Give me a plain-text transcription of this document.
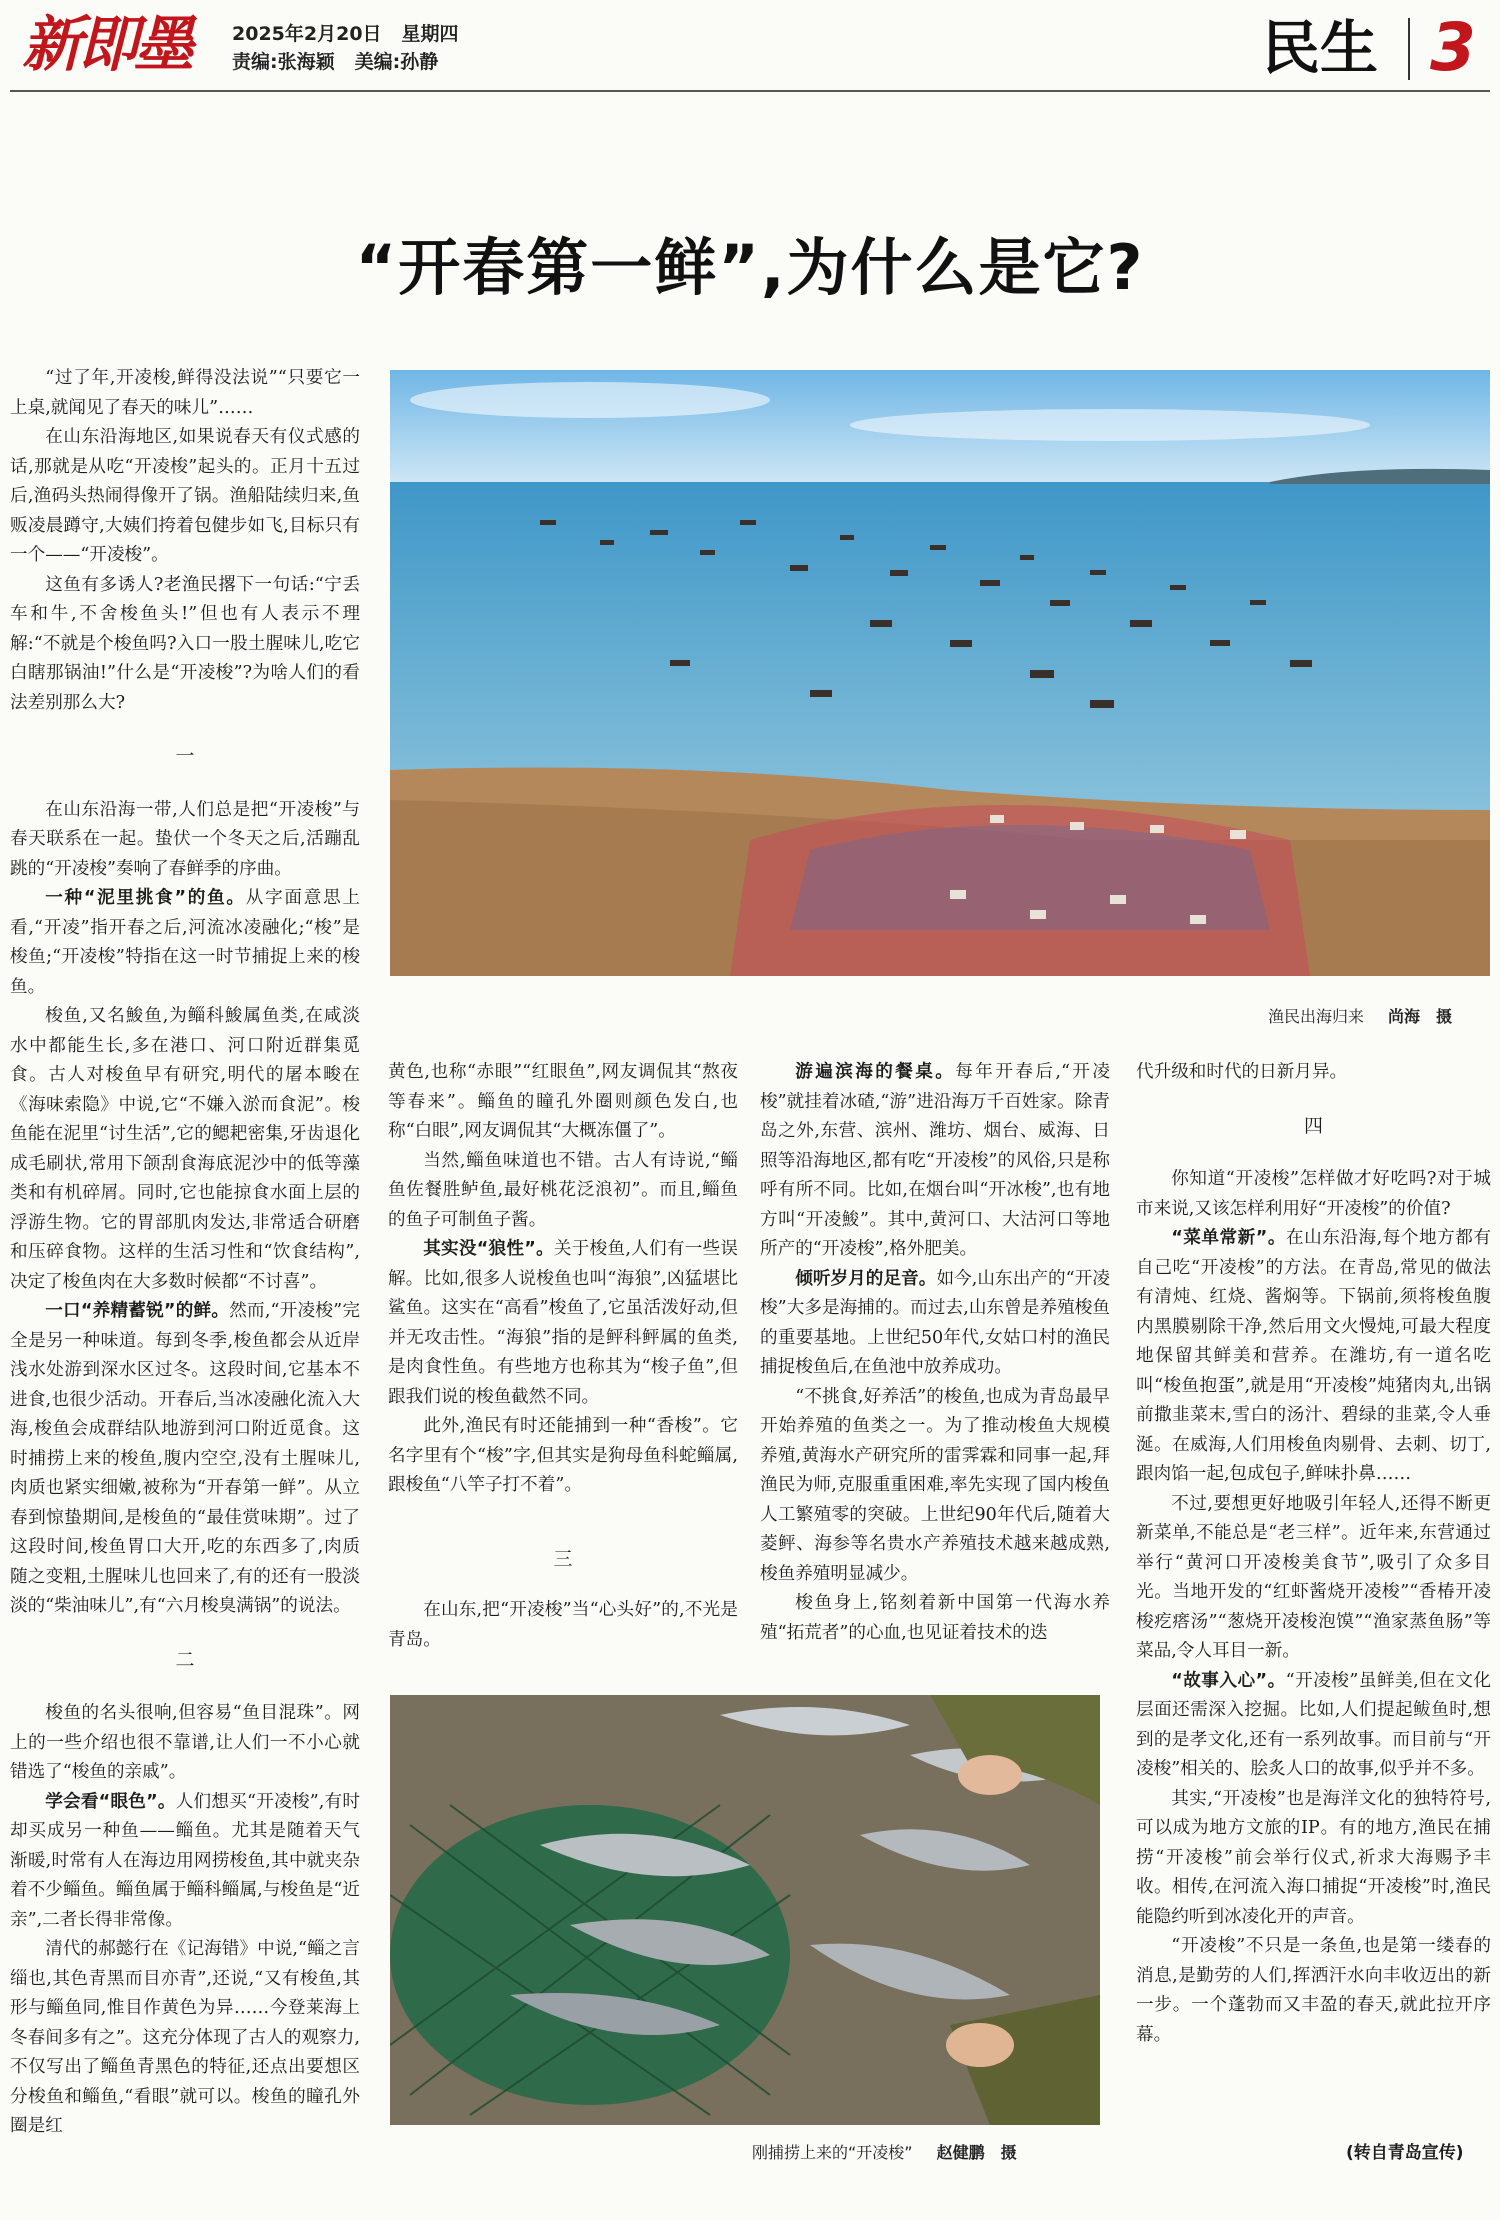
新即墨 2025年2月20日 星期四
责编:张海颖 美编:孙静	民生 3
“开春第一鲜”,为什么是它?

“过了年,开凌梭,鲜得没法说”“只要它一上桌,就闻见了春天的味儿”……

在山东沿海地区,如果说春天有仪式感的话,那就是从吃“开凌梭”起头的。正月十五过后,渔码头热闹得像开了锅。渔船陆续归来,鱼贩凌晨蹲守,大姨们挎着包健步如飞,目标只有一个——“开凌梭”。

这鱼有多诱人?老渔民撂下一句话:“宁丢车和牛,不舍梭鱼头!”但也有人表示不理解:“不就是个梭鱼吗?入口一股土腥味儿,吃它白瞎那锅油!”什么是“开凌梭”?为啥人们的看法差别那么大?

一

在山东沿海一带,人们总是把“开凌梭”与春天联系在一起。蛰伏一个冬天之后,活蹦乱跳的“开凌梭”奏响了春鲜季的序曲。

一种“泥里挑食”的鱼。从字面意思上看,“开凌”指开春之后,河流冰凌融化;“梭”是梭鱼;“开凌梭”特指在这一时节捕捉上来的梭鱼。

梭鱼,又名鮻鱼,为鲻科鮻属鱼类,在咸淡水中都能生长,多在港口、河口附近群集觅食。古人对梭鱼早有研究,明代的屠本畯在《海味索隐》中说,它“不嫌入淤而食泥”。梭鱼能在泥里“讨生活”,它的鳃耙密集,牙齿退化成毛刷状,常用下颌刮食海底泥沙中的低等藻类和有机碎屑。同时,它也能掠食水面上层的浮游生物。它的胃部肌肉发达,非常适合研磨和压碎食物。这样的生活习性和“饮食结构”,决定了梭鱼肉在大多数时候都“不讨喜”。

一口“养精蓄锐”的鲜。然而,“开凌梭”完全是另一种味道。每到冬季,梭鱼都会从近岸浅水处游到深水区过冬。这段时间,它基本不进食,也很少活动。开春后,当冰凌融化流入大海,梭鱼会成群结队地游到河口附近觅食。这时捕捞上来的梭鱼,腹内空空,没有土腥味儿,肉质也紧实细嫩,被称为“开春第一鲜”。从立春到惊蛰期间,是梭鱼的“最佳赏味期”。过了这段时间,梭鱼胃口大开,吃的东西多了,肉质随之变粗,土腥味儿也回来了,有的还有一股淡淡的“柴油味儿”,有“六月梭臭满锅”的说法。

二

梭鱼的名头很响,但容易“鱼目混珠”。网上的一些介绍也很不靠谱,让人们一不小心就错选了“梭鱼的亲戚”。

学会看“眼色”。人们想买“开凌梭”,有时却买成另一种鱼——鲻鱼。尤其是随着天气渐暖,时常有人在海边用网捞梭鱼,其中就夹杂着不少鲻鱼。鲻鱼属于鲻科鲻属,与梭鱼是“近亲”,二者长得非常像。

清代的郝懿行在《记海错》中说,“鲻之言缁也,其色青黑而目亦青”,还说,“又有梭鱼,其形与鲻鱼同,惟目作黄色为异……今登莱海上冬春间多有之”。这充分体现了古人的观察力,不仅写出了鲻鱼青黑色的特征,还点出要想区分梭鱼和鲻鱼,“看眼”就可以。梭鱼的瞳孔外圈是红

渔民出海归来 尚海　摄

黄色,也称“赤眼”“红眼鱼”,网友调侃其“熬夜等春来”。鲻鱼的瞳孔外圈则颜色发白,也称“白眼”,网友调侃其“大概冻僵了”。

当然,鲻鱼味道也不错。古人有诗说,“鲻鱼佐餐胜鲈鱼,最好桃花泛浪初”。而且,鲻鱼的鱼子可制鱼子酱。

其实没“狼性”。关于梭鱼,人们有一些误解。比如,很多人说梭鱼也叫“海狼”,凶猛堪比鲨鱼。这实在“高看”梭鱼了,它虽活泼好动,但并无攻击性。“海狼”指的是鲆科鲆属的鱼类,是肉食性鱼。有些地方也称其为“梭子鱼”,但跟我们说的梭鱼截然不同。

此外,渔民有时还能捕到一种“香梭”。它名字里有个“梭”字,但其实是狗母鱼科蛇鲻属,跟梭鱼“八竿子打不着”。

三

在山东,把“开凌梭”当“心头好”的,不光是青岛。

游遍滨海的餐桌。每年开春后,“开凌梭”就挂着冰碴,“游”进沿海万千百姓家。除青岛之外,东营、滨州、潍坊、烟台、威海、日照等沿海地区,都有吃“开凌梭”的风俗,只是称呼有所不同。比如,在烟台叫“开冰梭”,也有地方叫“开凌鮻”。其中,黄河口、大沽河口等地所产的“开凌梭”,格外肥美。

倾听岁月的足音。如今,山东出产的“开凌梭”大多是海捕的。而过去,山东曾是养殖梭鱼的重要基地。上世纪50年代,女姑口村的渔民捕捉梭鱼后,在鱼池中放养成功。

“不挑食,好养活”的梭鱼,也成为青岛最早开始养殖的鱼类之一。为了推动梭鱼大规模养殖,黄海水产研究所的雷霁霖和同事一起,拜渔民为师,克服重重困难,率先实现了国内梭鱼人工繁殖零的突破。上世纪90年代后,随着大菱鲆、海参等名贵水产养殖技术越来越成熟,梭鱼养殖明显减少。

梭鱼身上,铭刻着新中国第一代海水养殖“拓荒者”的心血,也见证着技术的迭

代升级和时代的日新月异。

四

你知道“开凌梭”怎样做才好吃吗?对于城市来说,又该怎样利用好“开凌梭”的价值?

“菜单常新”。在山东沿海,每个地方都有自己吃“开凌梭”的方法。在青岛,常见的做法有清炖、红烧、酱焖等。下锅前,须将梭鱼腹内黑膜剔除干净,然后用文火慢炖,可最大程度地保留其鲜美和营养。在潍坊,有一道名吃叫“梭鱼抱蛋”,就是用“开凌梭”炖猪肉丸,出锅前撒韭菜末,雪白的汤汁、碧绿的韭菜,令人垂涎。在威海,人们用梭鱼肉剔骨、去刺、切丁,跟肉馅一起,包成包子,鲜味扑鼻……

不过,要想更好地吸引年轻人,还得不断更新菜单,不能总是“老三样”。近年来,东营通过举行“黄河口开凌梭美食节”,吸引了众多目光。当地开发的“红虾酱烧开凌梭”“香椿开凌梭疙瘩汤”“葱烧开凌梭泡馍”“渔家蒸鱼肠”等菜品,令人耳目一新。

“故事入心”。“开凌梭”虽鲜美,但在文化层面还需深入挖掘。比如,人们提起鲅鱼时,想到的是孝文化,还有一系列故事。而目前与“开凌梭”相关的、脍炙人口的故事,似乎并不多。

其实,“开凌梭”也是海洋文化的独特符号,可以成为地方文旅的IP。有的地方,渔民在捕捞“开凌梭”前会举行仪式,祈求大海赐予丰收。相传,在河流入海口捕捉“开凌梭”时,渔民能隐约听到冰凌化开的声音。

“开凌梭”不只是一条鱼,也是第一缕春的消息,是勤劳的人们,挥洒汗水向丰收迈出的新一步。一个蓬勃而又丰盈的春天,就此拉开序幕。

刚捕捞上来的“开凌梭” 赵健鹏　摄	(转自青岛宣传)
